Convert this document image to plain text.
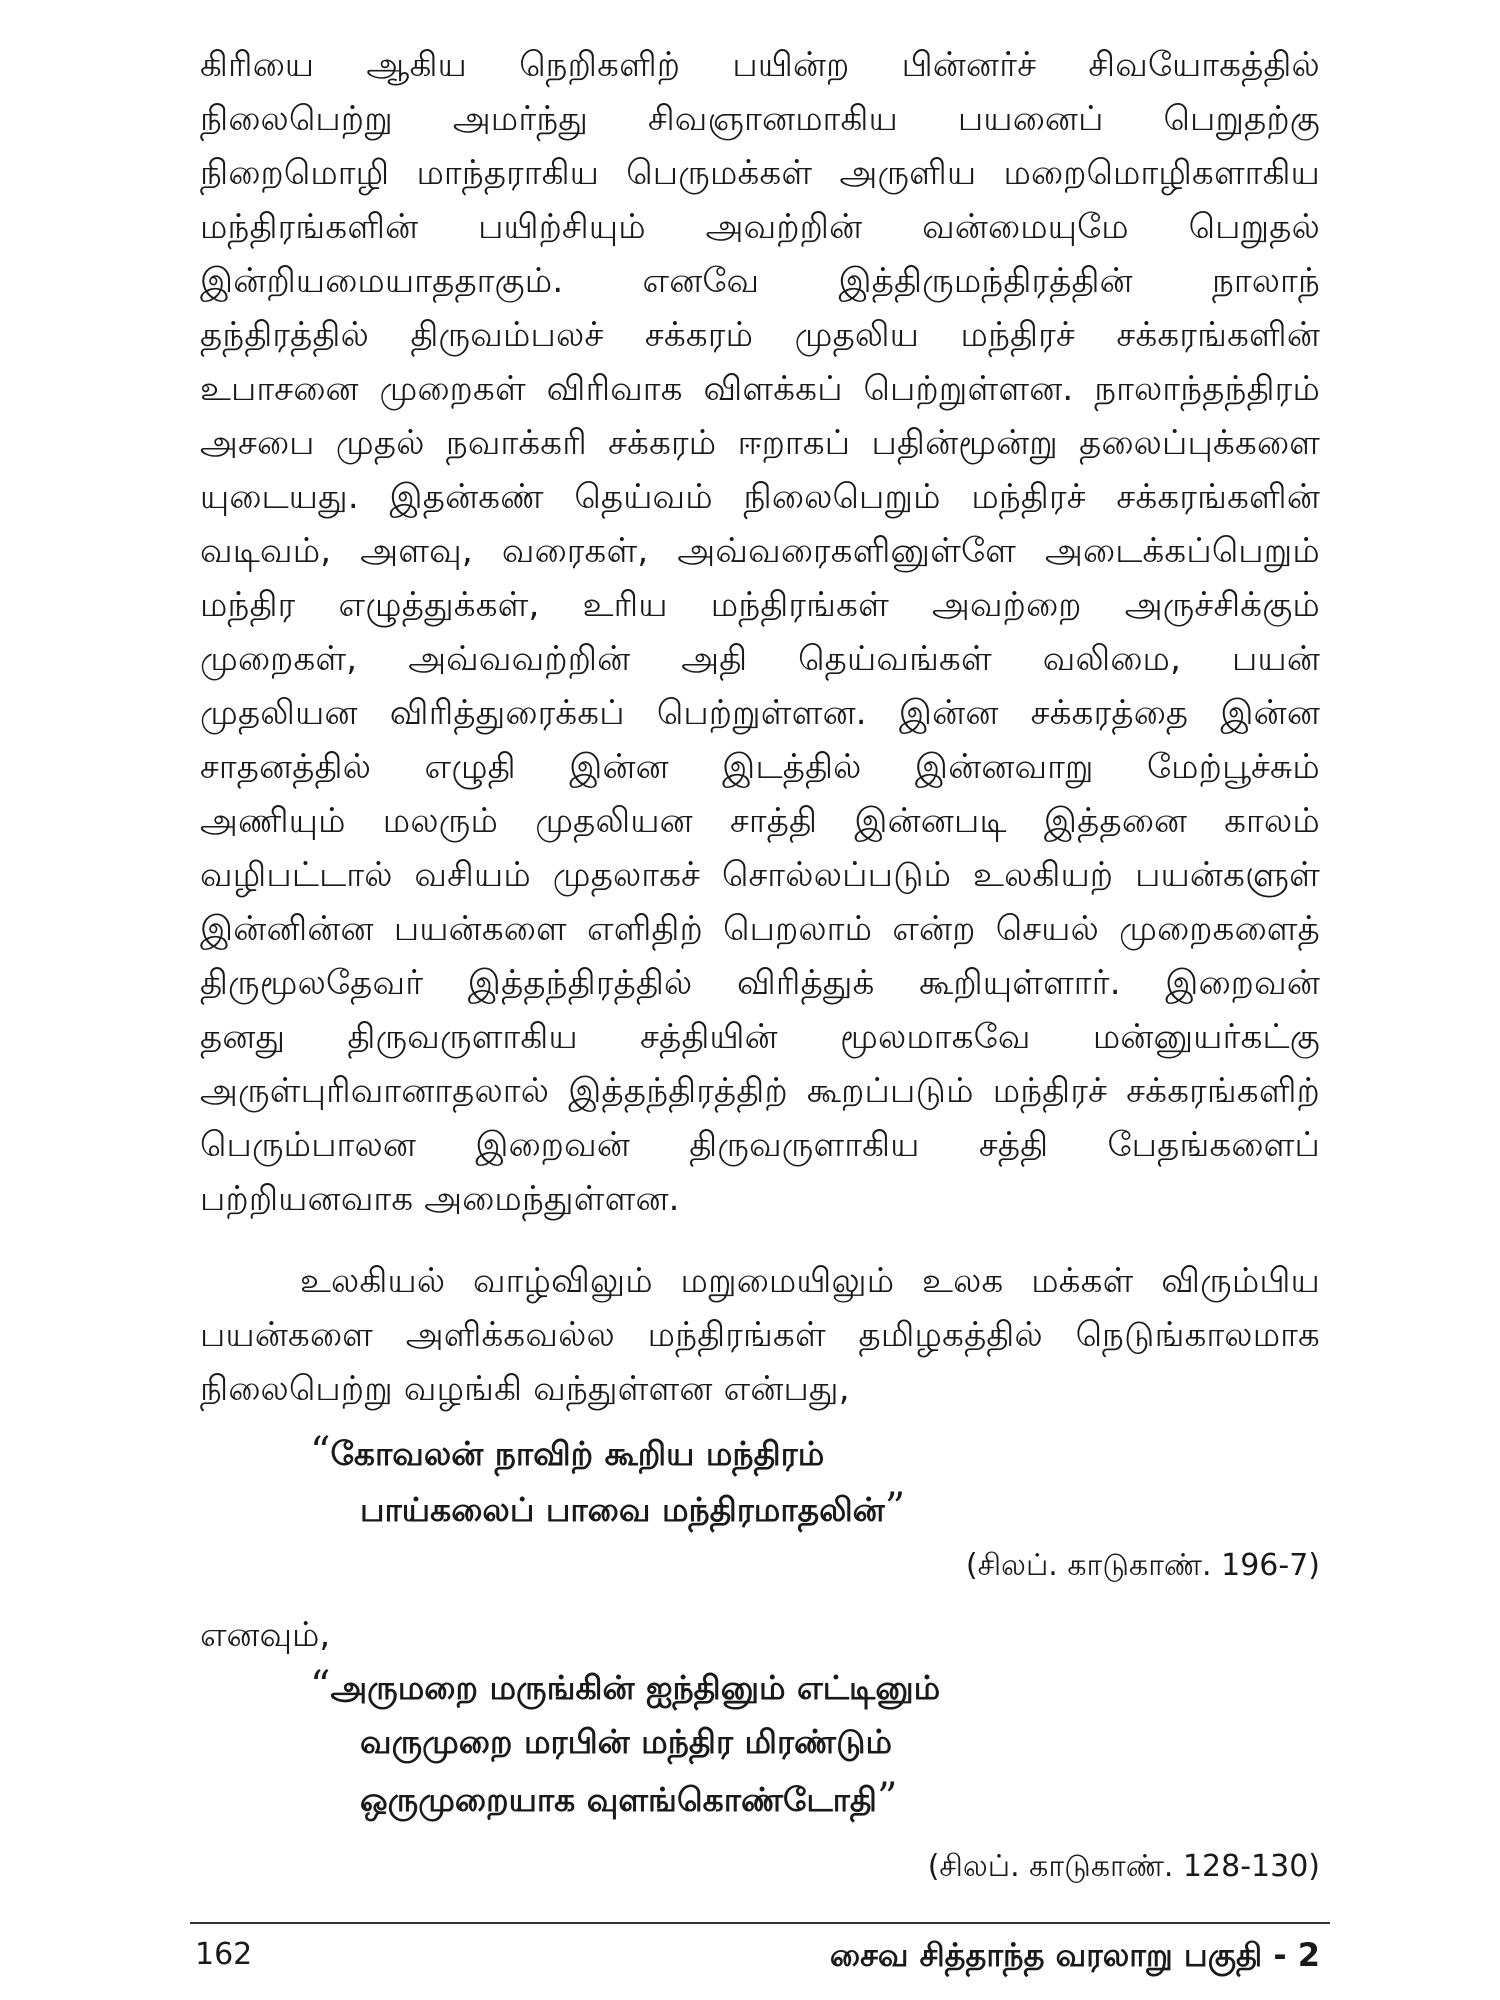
கிரியை ஆகிய நெறிகளிற் பயின்ற பின்னர்ச் சிவயோகத்தில்
நிலைபெற்று அமர்ந்து சிவஞானமாகிய பயனைப் பெறுதற்கு
நிறைமொழி மாந்தராகிய பெருமக்கள் அருளிய மறைமொழிகளாகிய
மந்திரங்களின் பயிற்சியும் அவற்றின் வன்மையுமே பெறுதல்
இன்றியமையாததாகும். எனவே இத்திருமந்திரத்தின் நாலாந்
தந்திரத்தில் திருவம்பலச் சக்கரம் முதலிய மந்திரச் சக்கரங்களின்
உபாசனை முறைகள் விரிவாக விளக்கப் பெற்றுள்ளன. நாலாந்தந்திரம்
அசபை முதல் நவாக்கரி சக்கரம் ஈறாகப் பதின்மூன்று தலைப்புக்களை
யுடையது. இதன்கண் தெய்வம் நிலைபெறும் மந்திரச் சக்கரங்களின்
வடிவம், அளவு, வரைகள், அவ்வரைகளினுள்ளே அடைக்கப்பெறும்
மந்திர எழுத்துக்கள், உரிய மந்திரங்கள் அவற்றை அருச்சிக்கும்
முறைகள், அவ்வவற்றின் அதி தெய்வங்கள் வலிமை, பயன்
முதலியன விரித்துரைக்கப் பெற்றுள்ளன. இன்ன சக்கரத்தை இன்ன
சாதனத்தில் எழுதி இன்ன இடத்தில் இன்னவாறு மேற்பூச்சும்
அணியும் மலரும் முதலியன சாத்தி இன்னபடி இத்தனை காலம்
வழிபட்டால் வசியம் முதலாகச் சொல்லப்படும் உலகியற் பயன்களுள்
இன்னின்ன பயன்களை எளிதிற் பெறலாம் என்ற செயல் முறைகளைத்
திருமூலதேவர் இத்தந்திரத்தில் விரித்துக் கூறியுள்ளார். இறைவன்
தனது திருவருளாகிய சத்தியின் மூலமாகவே மன்னுயர்கட்கு
அருள்புரிவானாதலால் இத்தந்திரத்திற் கூறப்படும் மந்திரச் சக்கரங்களிற்
பெரும்பாலன இறைவன் திருவருளாகிய சத்தி பேதங்களைப்
பற்றியனவாக அமைந்துள்ளன.
உலகியல் வாழ்விலும் மறுமையிலும் உலக மக்கள் விரும்பிய
பயன்களை அளிக்கவல்ல மந்திரங்கள் தமிழகத்தில் நெடுங்காலமாக
நிலைபெற்று வழங்கி வந்துள்ளன என்பது,
“கோவலன் நாவிற் கூறிய மந்திரம்
பாய்கலைப் பாவை மந்திரமாதலின்”

(சிலப். காடுகாண். 196-7)

எனவும்,

“அருமறை மருங்கின் ஐந்தினும் எட்டினும்
வருமுறை மரபின் மந்திர மிரண்டும்
ஒருமுறையாக வுளங்கொண்டோதி”

(சிலப். காடுகாண். 128-130)

162	சைவ சித்தாந்த வரலாறு பகுதி - 2
